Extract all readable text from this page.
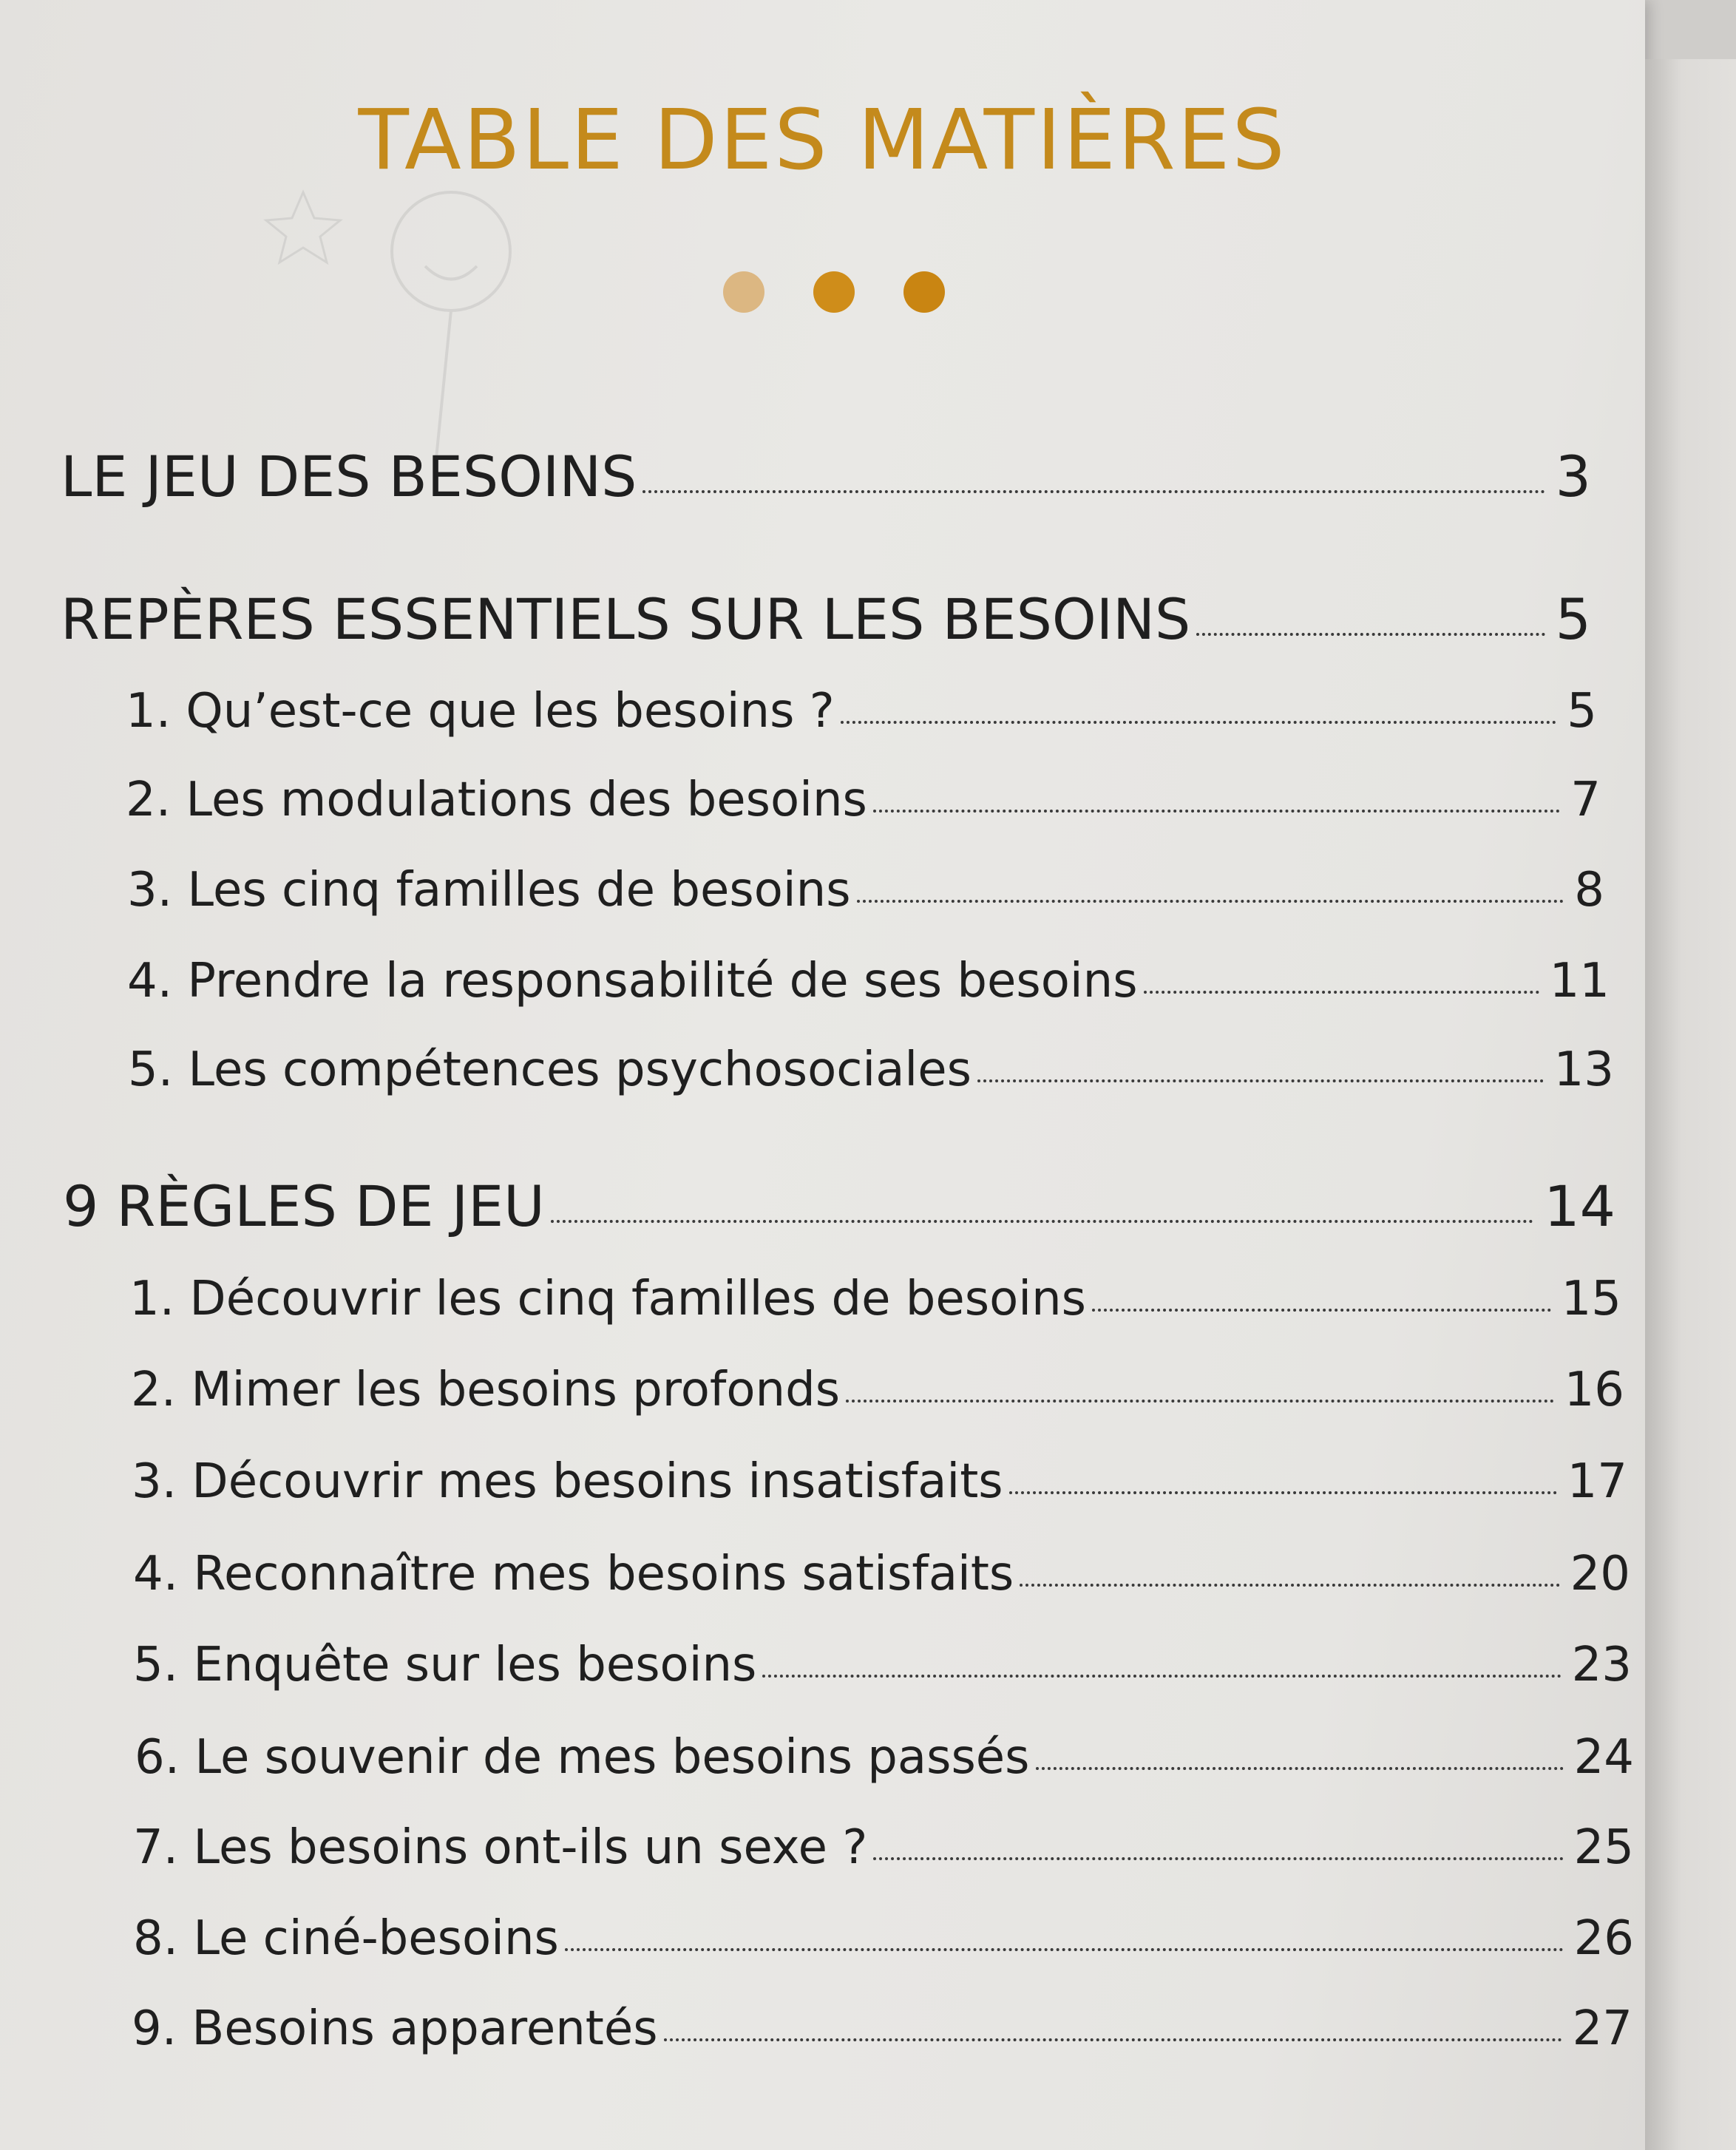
TABLE DES MATIÈRES
LE JEU DES BESOINS	3
REPÈRES ESSENTIELS SUR LES BESOINS	5
1. Qu’est-ce que les besoins ?	5
2. Les modulations des besoins	7
3. Les cinq familles de besoins	8
4. Prendre la responsabilité de ses besoins	11
5. Les compétences psychosociales	13
9 RÈGLES DE JEU	14
1. Découvrir les cinq familles de besoins	15
2. Mimer les besoins profonds	16
3. Découvrir mes besoins insatisfaits	17
4. Reconnaître mes besoins satisfaits	20
5. Enquête sur les besoins	23
6. Le souvenir de mes besoins passés	24
7. Les besoins ont-ils un sexe ?	25
8. Le ciné-besoins	26
9. Besoins apparentés	27
